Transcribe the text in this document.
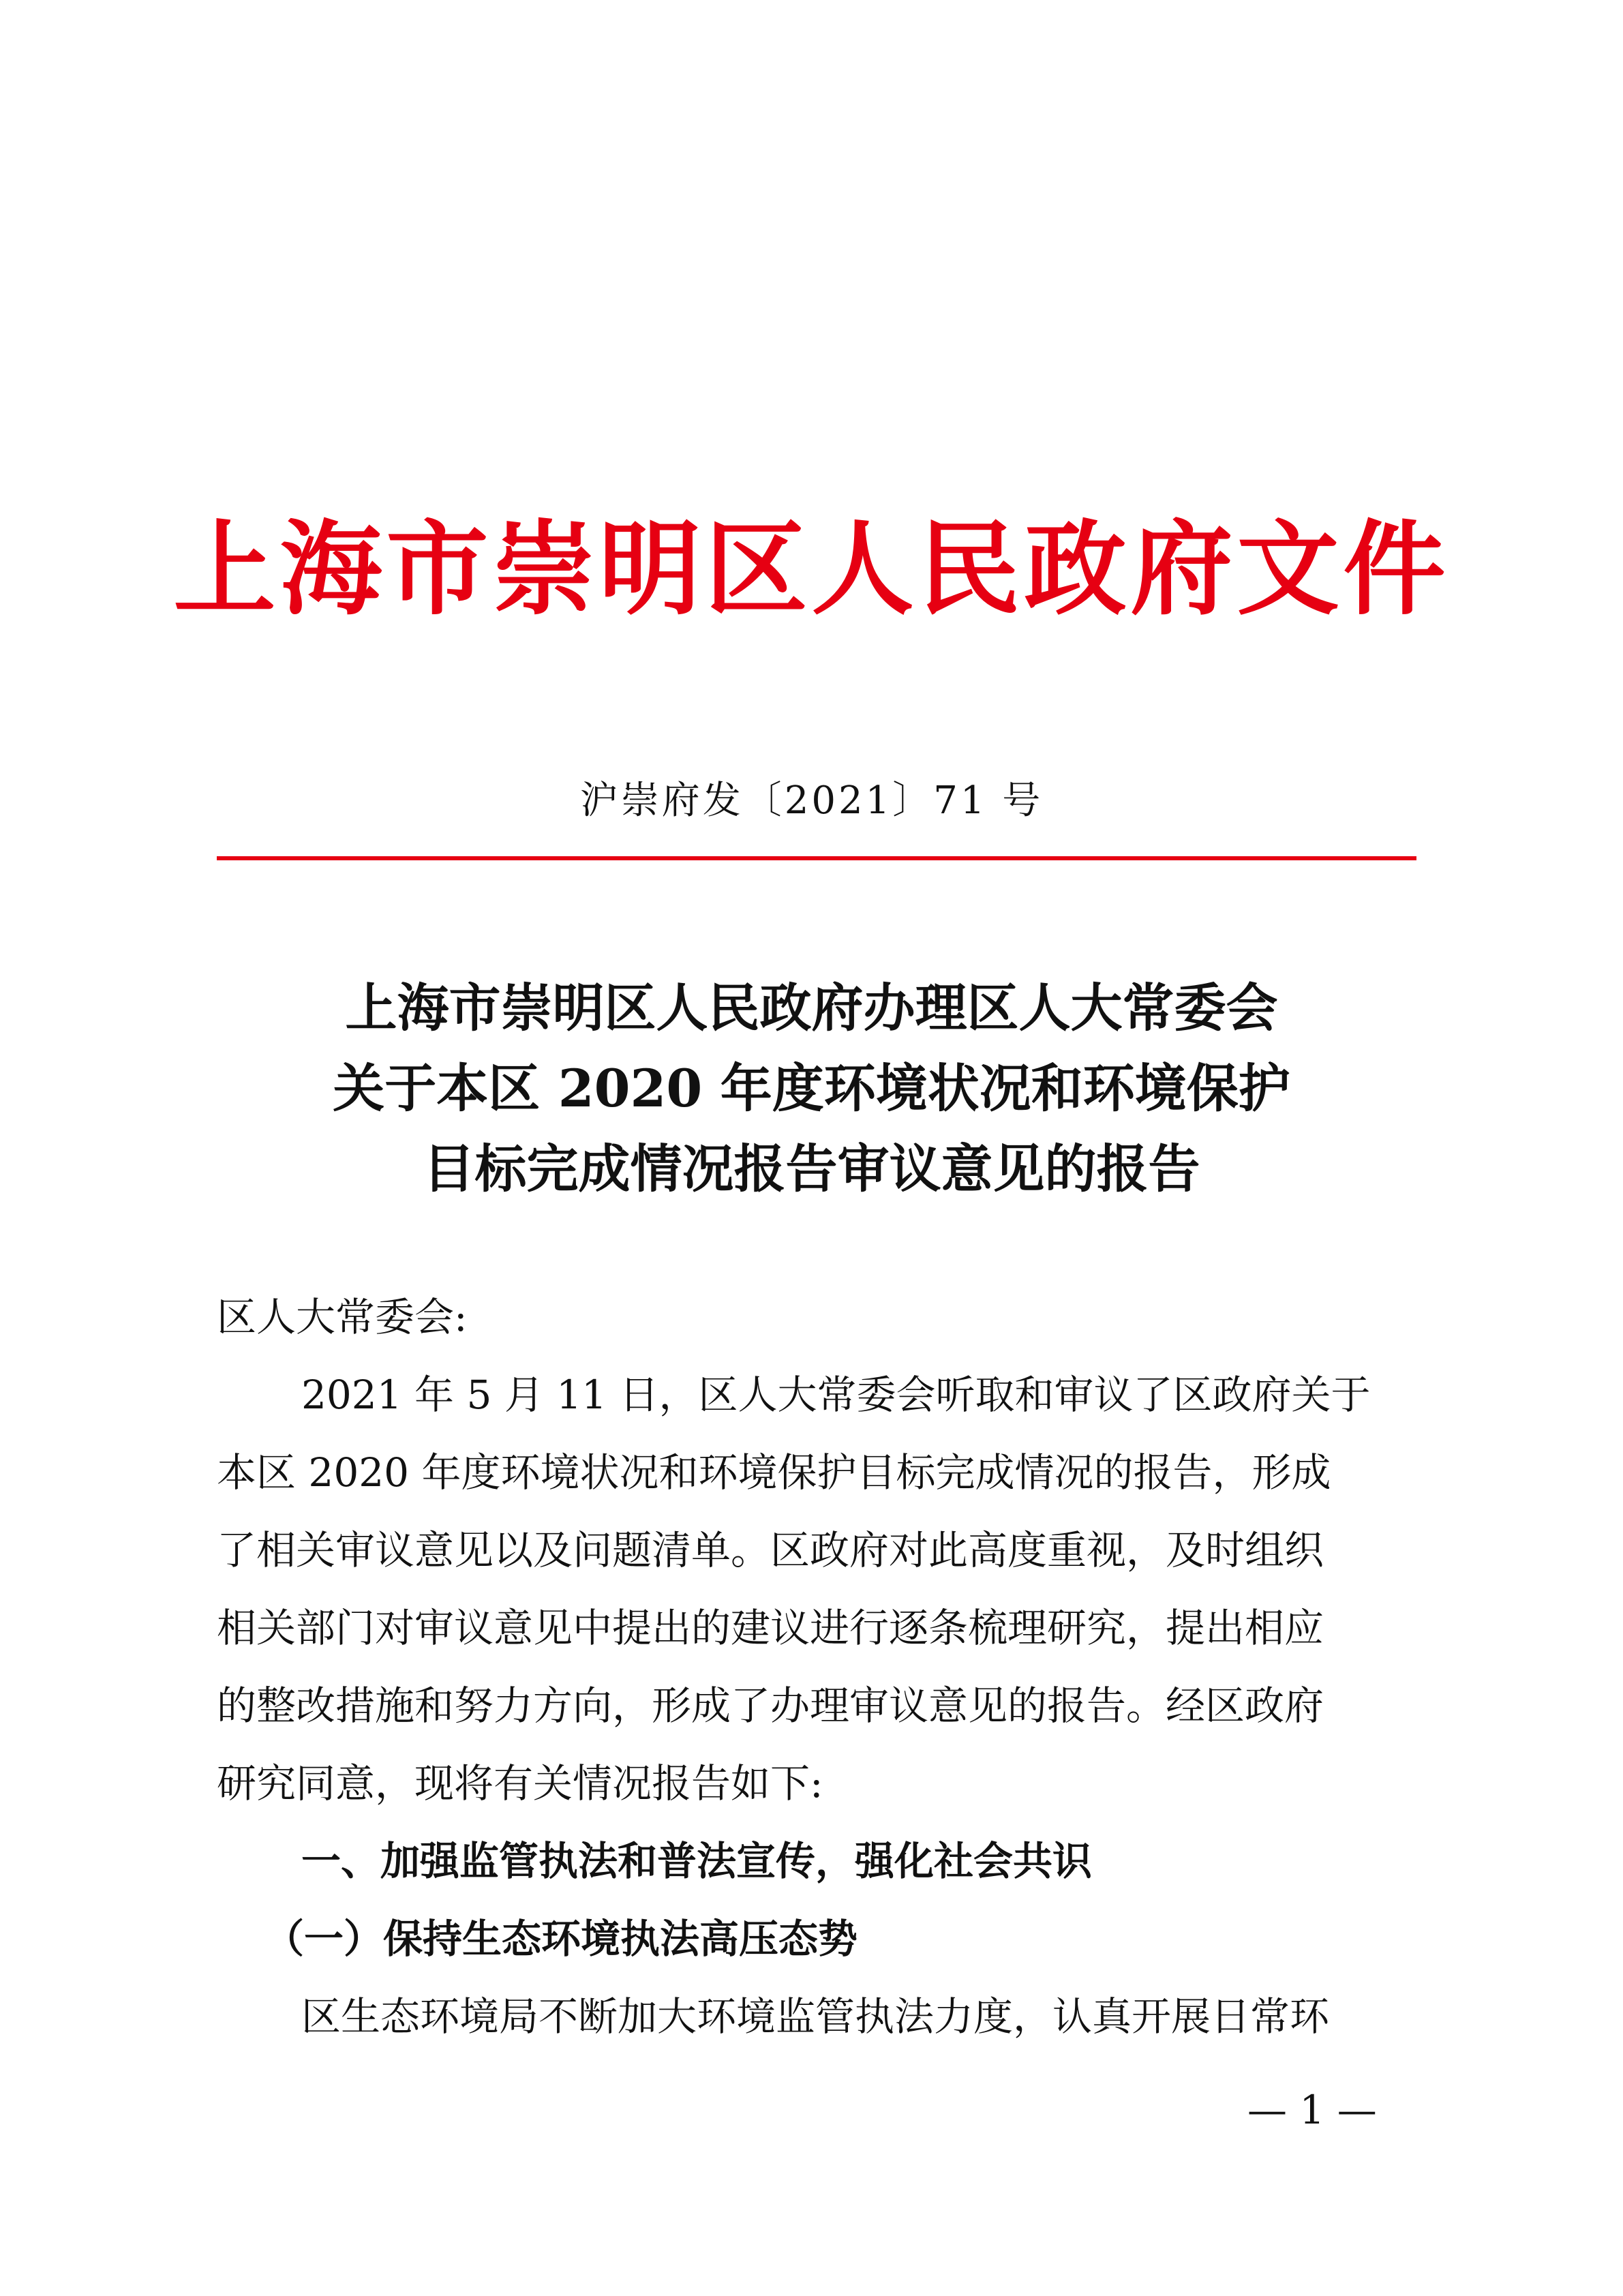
上海市崇明区人民政府文件
沪崇府发〔2021〕71 号
上海市崇明区人民政府办理区人大常委会
关于本区 2020 年度环境状况和环境保护
目标完成情况报告审议意见的报告
区人大常委会:
2021 年 5 月 11 日，区人大常委会听取和审议了区政府关于
本区 2020 年度环境状况和环境保护目标完成情况的报告，形成
了相关审议意见以及问题清单。区政府对此高度重视，及时组织
相关部门对审议意见中提出的建议进行逐条梳理研究，提出相应
的整改措施和努力方向，形成了办理审议意见的报告。经区政府
研究同意，现将有关情况报告如下:
一、加强监管执法和普法宣传，强化社会共识
（一）保持生态环境执法高压态势
区生态环境局不断加大环境监管执法力度，认真开展日常环
— 1 —
